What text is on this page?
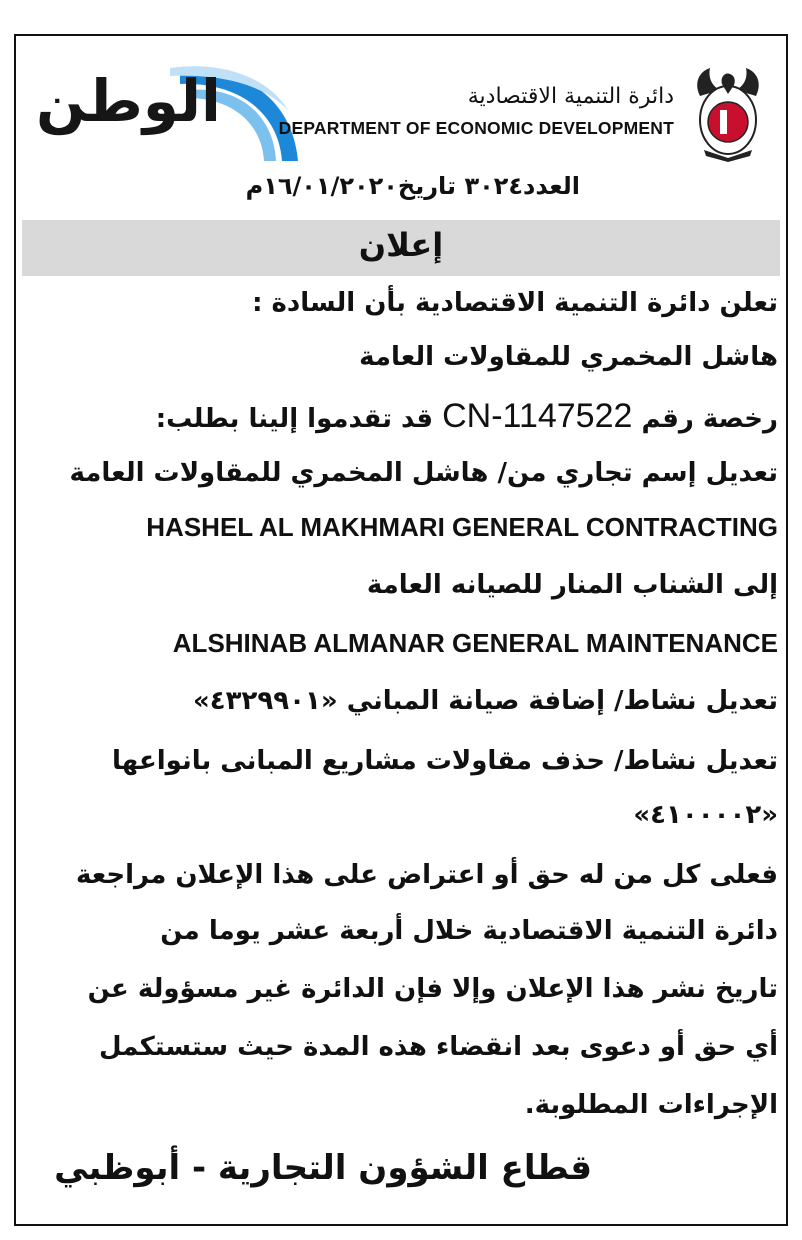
الوطن	دائرة التنمية الاقتصادية
DEPARTMENT OF ECONOMIC DEVELOPMENT
العدد٣٠٢٤ تاريخ١٦/٠١/٢٠٢٠م
إعلان
تعلن دائرة التنمية الاقتصادية بأن السادة :
هاشل المخمري للمقاولات العامة
رخصة رقم CN-1147522 قد تقدموا إلينا بطلب:
تعديل إسم تجاري من/ هاشل المخمري للمقاولات العامة
HASHEL AL MAKHMARI GENERAL CONTRACTING
إلى الشناب المنار للصيانه العامة
ALSHINAB ALMANAR GENERAL MAINTENANCE
تعديل نشاط/ إضافة صيانة المباني «٤٣٢٩٩٠١»
تعديل نشاط/ حذف مقاولات مشاريع المبانى بانواعها
«٤١٠٠٠٠٢»
فعلى كل من له حق أو اعتراض على هذا الإعلان مراجعة
دائرة التنمية الاقتصادية خلال أربعة عشر يوما من
تاريخ نشر هذا الإعلان وإلا فإن الدائرة غير مسؤولة عن
أي حق أو دعوى بعد انقضاء هذه المدة حيث ستستكمل
الإجراءات المطلوبة.
قطاع الشؤون التجارية - أبوظبي
